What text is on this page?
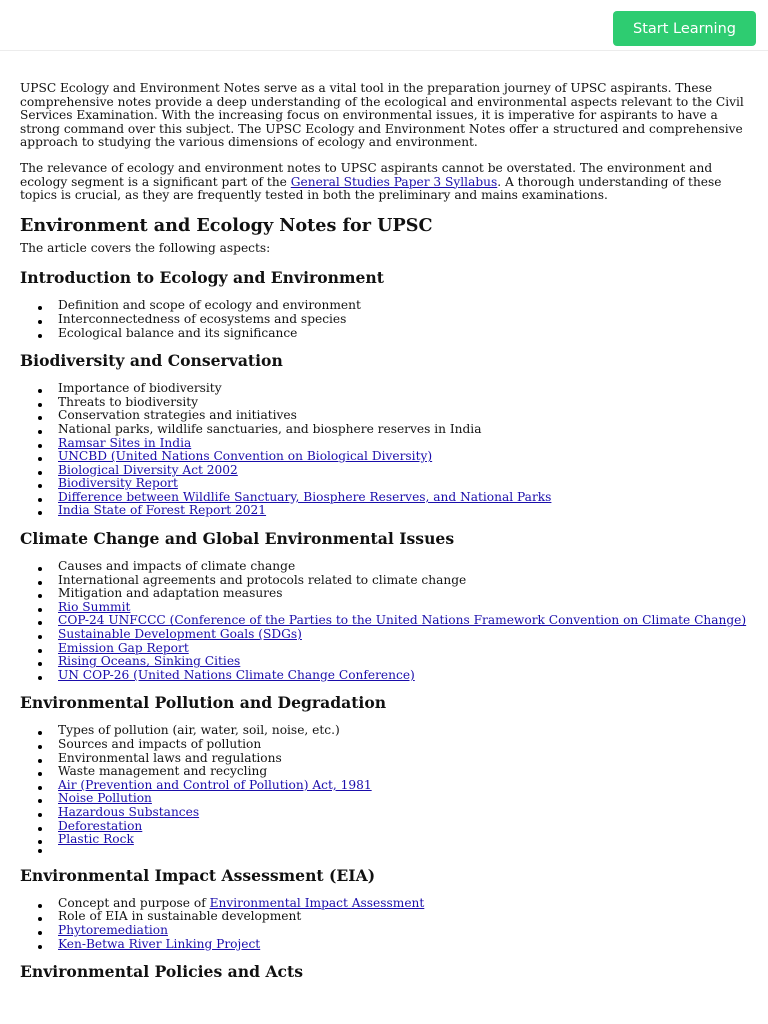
Start Learning

UPSC Ecology and Environment Notes serve as a vital tool in the preparation journey of UPSC aspirants. These comprehensive notes provide a deep understanding of the ecological and environmental aspects relevant to the Civil Services Examination. With the increasing focus on environmental issues, it is imperative for aspirants to have a strong command over this subject. The UPSC Ecology and Environment Notes offer a structured and comprehensive approach to studying the various dimensions of ecology and environment.

The relevance of ecology and environment notes to UPSC aspirants cannot be overstated. The environment and ecology segment is a significant part of the General Studies Paper 3 Syllabus. A thorough understanding of these topics is crucial, as they are frequently tested in both the preliminary and mains examinations.

Environment and Ecology Notes for UPSC

The article covers the following aspects:

Introduction to Ecology and Environment
Definition and scope of ecology and environment
Interconnectedness of ecosystems and species
Ecological balance and its significance
Biodiversity and Conservation
Importance of biodiversity
Threats to biodiversity
Conservation strategies and initiatives
National parks, wildlife sanctuaries, and biosphere reserves in India
Ramsar Sites in India
UNCBD (United Nations Convention on Biological Diversity)
Biological Diversity Act 2002
Biodiversity Report
Difference between Wildlife Sanctuary, Biosphere Reserves, and National Parks
India State of Forest Report 2021
Climate Change and Global Environmental Issues
Causes and impacts of climate change
International agreements and protocols related to climate change
Mitigation and adaptation measures
Rio Summit
COP-24 UNFCCC (Conference of the Parties to the United Nations Framework Convention on Climate Change)
Sustainable Development Goals (SDGs)
Emission Gap Report
Rising Oceans, Sinking Cities
UN COP-26 (United Nations Climate Change Conference)
Environmental Pollution and Degradation
Types of pollution (air, water, soil, noise, etc.)
Sources and impacts of pollution
Environmental laws and regulations
Waste management and recycling
Air (Prevention and Control of Pollution) Act, 1981
Noise Pollution
Hazardous Substances
Deforestation
Plastic Rock
Environmental Impact Assessment (EIA)
Concept and purpose of Environmental Impact Assessment
Role of EIA in sustainable development
Phytoremediation
Ken-Betwa River Linking Project
Environmental Policies and Acts
